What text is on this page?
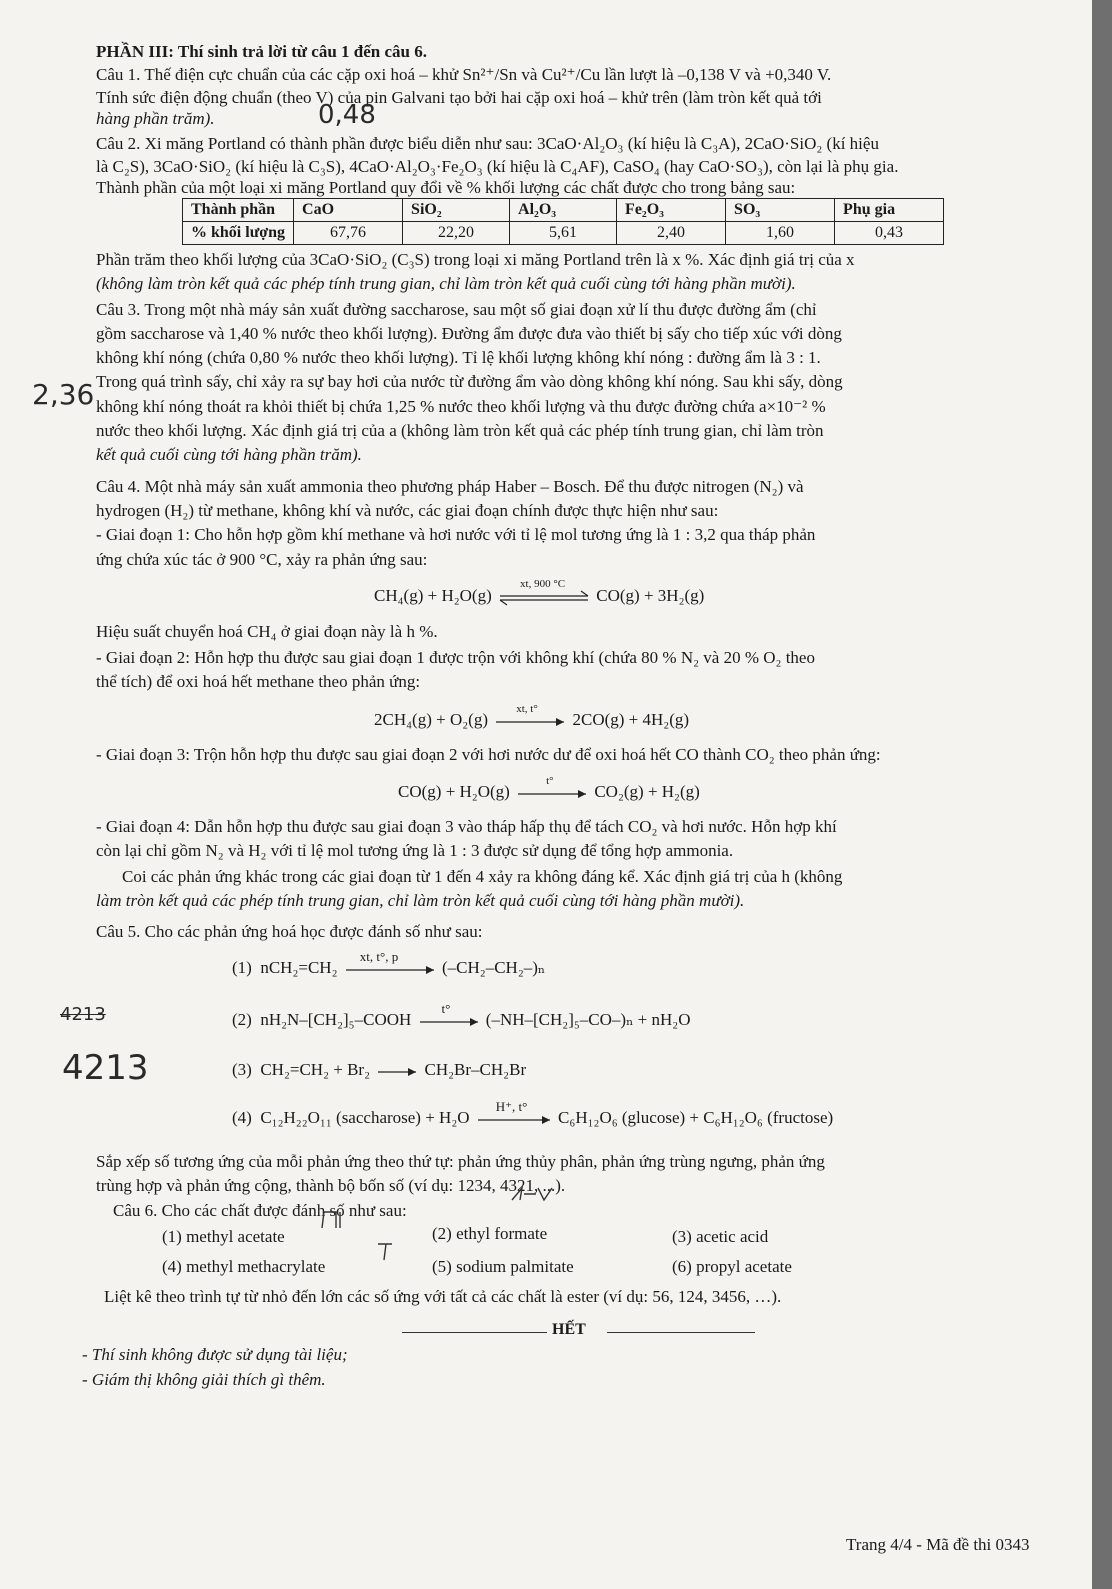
PHẦN III: Thí sinh trả lời từ câu 1 đến câu 6.
Câu 1. Thế điện cực chuẩn của các cặp oxi hoá – khử Sn²⁺/Sn và Cu²⁺/Cu lần lượt là –0,138 V và +0,340 V.
Tính sức điện động chuẩn (theo V) của pin Galvani tạo bởi hai cặp oxi hoá – khử trên (làm tròn kết quả tới
hàng phần trăm).
Câu 2. Xi măng Portland có thành phần được biểu diễn như sau: 3CaO·Al₂O₃ (kí hiệu là C₃A), 2CaO·SiO₂ (kí hiệu
là C₂S), 3CaO·SiO₂ (kí hiệu là C₃S), 4CaO·Al₂O₃·Fe₂O₃ (kí hiệu là C₄AF), CaSO₄ (hay CaO·SO₃), còn lại là phụ gia.
Thành phần của một loại xi măng Portland quy đổi về % khối lượng các chất được cho trong bảng sau:
Thành phần	CaO	SiO₂	Al₂O₃	Fe₂O₃	SO₃	Phụ gia
% khối lượng	67,76	22,20	5,61	2,40	1,60	0,43
Phần trăm theo khối lượng của 3CaO·SiO₂ (C₃S) trong loại xi măng Portland trên là x %. Xác định giá trị của x
(không làm tròn kết quả các phép tính trung gian, chỉ làm tròn kết quả cuối cùng tới hàng phần mười).
Câu 3. Trong một nhà máy sản xuất đường saccharose, sau một số giai đoạn xử lí thu được đường ẩm (chỉ
gồm saccharose và 1,40 % nước theo khối lượng). Đường ẩm được đưa vào thiết bị sấy cho tiếp xúc với dòng
không khí nóng (chứa 0,80 % nước theo khối lượng). Tỉ lệ khối lượng không khí nóng : đường ẩm là 3 : 1.
Trong quá trình sấy, chỉ xảy ra sự bay hơi của nước từ đường ẩm vào dòng không khí nóng. Sau khi sấy, dòng
không khí nóng thoát ra khỏi thiết bị chứa 1,25 % nước theo khối lượng và thu được đường chứa a×10⁻² %
nước theo khối lượng. Xác định giá trị của a (không làm tròn kết quả các phép tính trung gian, chỉ làm tròn
kết quả cuối cùng tới hàng phần trăm).
Câu 4. Một nhà máy sản xuất ammonia theo phương pháp Haber – Bosch. Để thu được nitrogen (N₂) và
hydrogen (H₂) từ methane, không khí và nước, các giai đoạn chính được thực hiện như sau:
- Giai đoạn 1: Cho hỗn hợp gồm khí methane và hơi nước với tỉ lệ mol tương ứng là 1 : 3,2 qua tháp phản
ứng chứa xúc tác ở 900 °C, xảy ra phản ứng sau:
CH₄(g) + H₂O(g)
xt, 900 °C
CO(g) + 3H₂(g)
Hiệu suất chuyển hoá CH₄ ở giai đoạn này là h %.
- Giai đoạn 2: Hỗn hợp thu được sau giai đoạn 1 được trộn với không khí (chứa 80 % N₂ và 20 % O₂ theo
thể tích) để oxi hoá hết methane theo phản ứng:
2CH₄(g) + O₂(g)
xt, t°
2CO(g) + 4H₂(g)
- Giai đoạn 3: Trộn hỗn hợp thu được sau giai đoạn 2 với hơi nước dư để oxi hoá hết CO thành CO₂ theo phản ứng:
CO(g) + H₂O(g)
t°
CO₂(g) + H₂(g)
- Giai đoạn 4: Dẫn hỗn hợp thu được sau giai đoạn 3 vào tháp hấp thụ để tách CO₂ và hơi nước. Hỗn hợp khí
còn lại chỉ gồm N₂ và H₂ với tỉ lệ mol tương ứng là 1 : 3 được sử dụng để tổng hợp ammonia.
Coi các phản ứng khác trong các giai đoạn từ 1 đến 4 xảy ra không đáng kể. Xác định giá trị của h (không
làm tròn kết quả các phép tính trung gian, chỉ làm tròn kết quả cuối cùng tới hàng phần mười).
Câu 5. Cho các phản ứng hoá học được đánh số như sau:
(1) nCH₂=CH₂
xt, t°, p
(–CH₂–CH₂–)ₙ
(2) nH₂N–[CH₂]₅–COOH
t°
(–NH–[CH₂]₅–CO–)ₙ + nH₂O
(3) CH₂=CH₂ + Br₂	CH₂Br–CH₂Br
(4) C₁₂H₂₂O₁₁ (saccharose) + H₂O
H⁺, t°
C₆H₁₂O₆ (glucose) + C₆H₁₂O₆ (fructose)
Sắp xếp số tương ứng của mỗi phản ứng theo thứ tự: phản ứng thủy phân, phản ứng trùng ngưng, phản ứng
trùng hợp và phản ứng cộng, thành bộ bốn số (ví dụ: 1234, 4321, ...).
Câu 6. Cho các chất được đánh số như sau:
(1) methyl acetate	(2) ethyl formate	(3) acetic acid
(4) methyl methacrylate	(5) sodium palmitate	(6) propyl acetate
Liệt kê theo trình tự từ nhỏ đến lớn các số ứng với tất cả các chất là ester (ví dụ: 56, 124, 3456, …).
HẾT
- Thí sinh không được sử dụng tài liệu;
- Giám thị không giải thích gì thêm.
Trang 4/4 - Mã đề thi 0343
0,48
2,36
4213
4213
